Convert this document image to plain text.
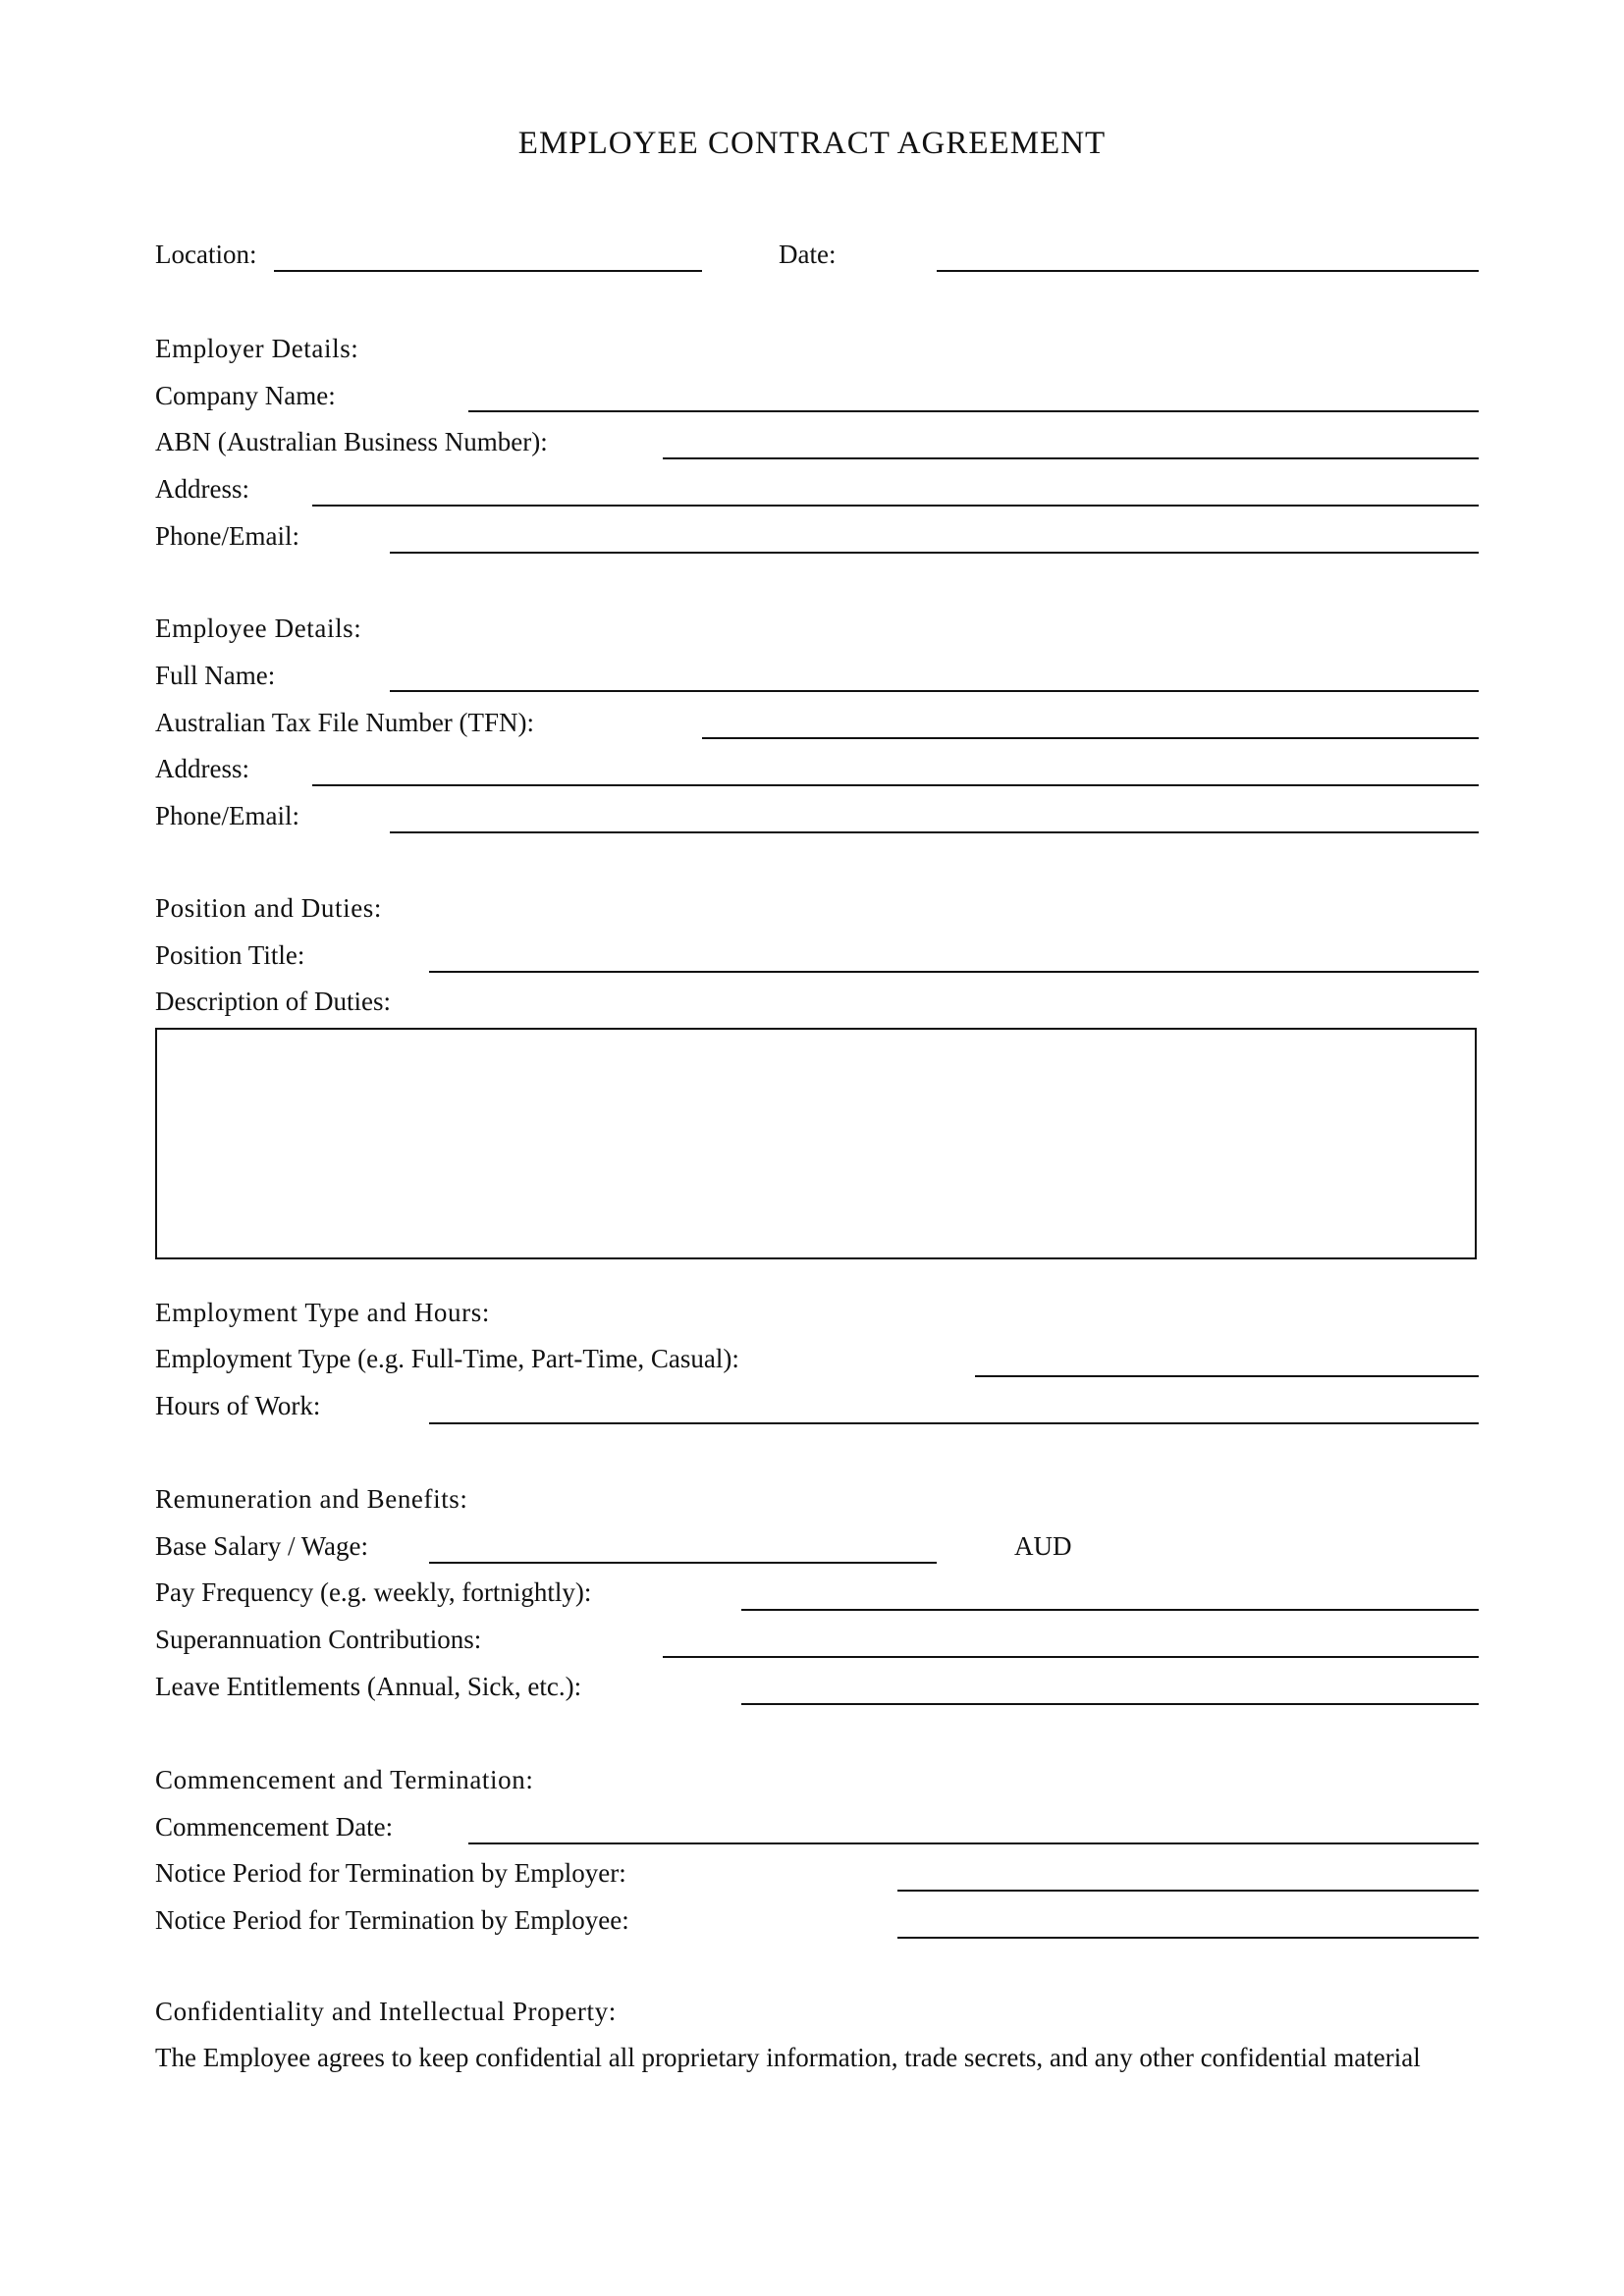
EMPLOYEE CONTRACT AGREEMENT
Location:	Date:
Employer Details:
Company Name:
ABN (Australian Business Number):
Address:
Phone/Email:
Employee Details:
Full Name:
Australian Tax File Number (TFN):
Address:
Phone/Email:
Position and Duties:
Position Title:
Description of Duties:
Employment Type and Hours:
Employment Type (e.g. Full-Time, Part-Time, Casual):
Hours of Work:
Remuneration and Benefits:
Base Salary / Wage:	AUD
Pay Frequency (e.g. weekly, fortnightly):
Superannuation Contributions:
Leave Entitlements (Annual, Sick, etc.):
Commencement and Termination:
Commencement Date:
Notice Period for Termination by Employer:
Notice Period for Termination by Employee:
Confidentiality and Intellectual Property:
The Employee agrees to keep confidential all proprietary information, trade secrets, and any other confidential material
